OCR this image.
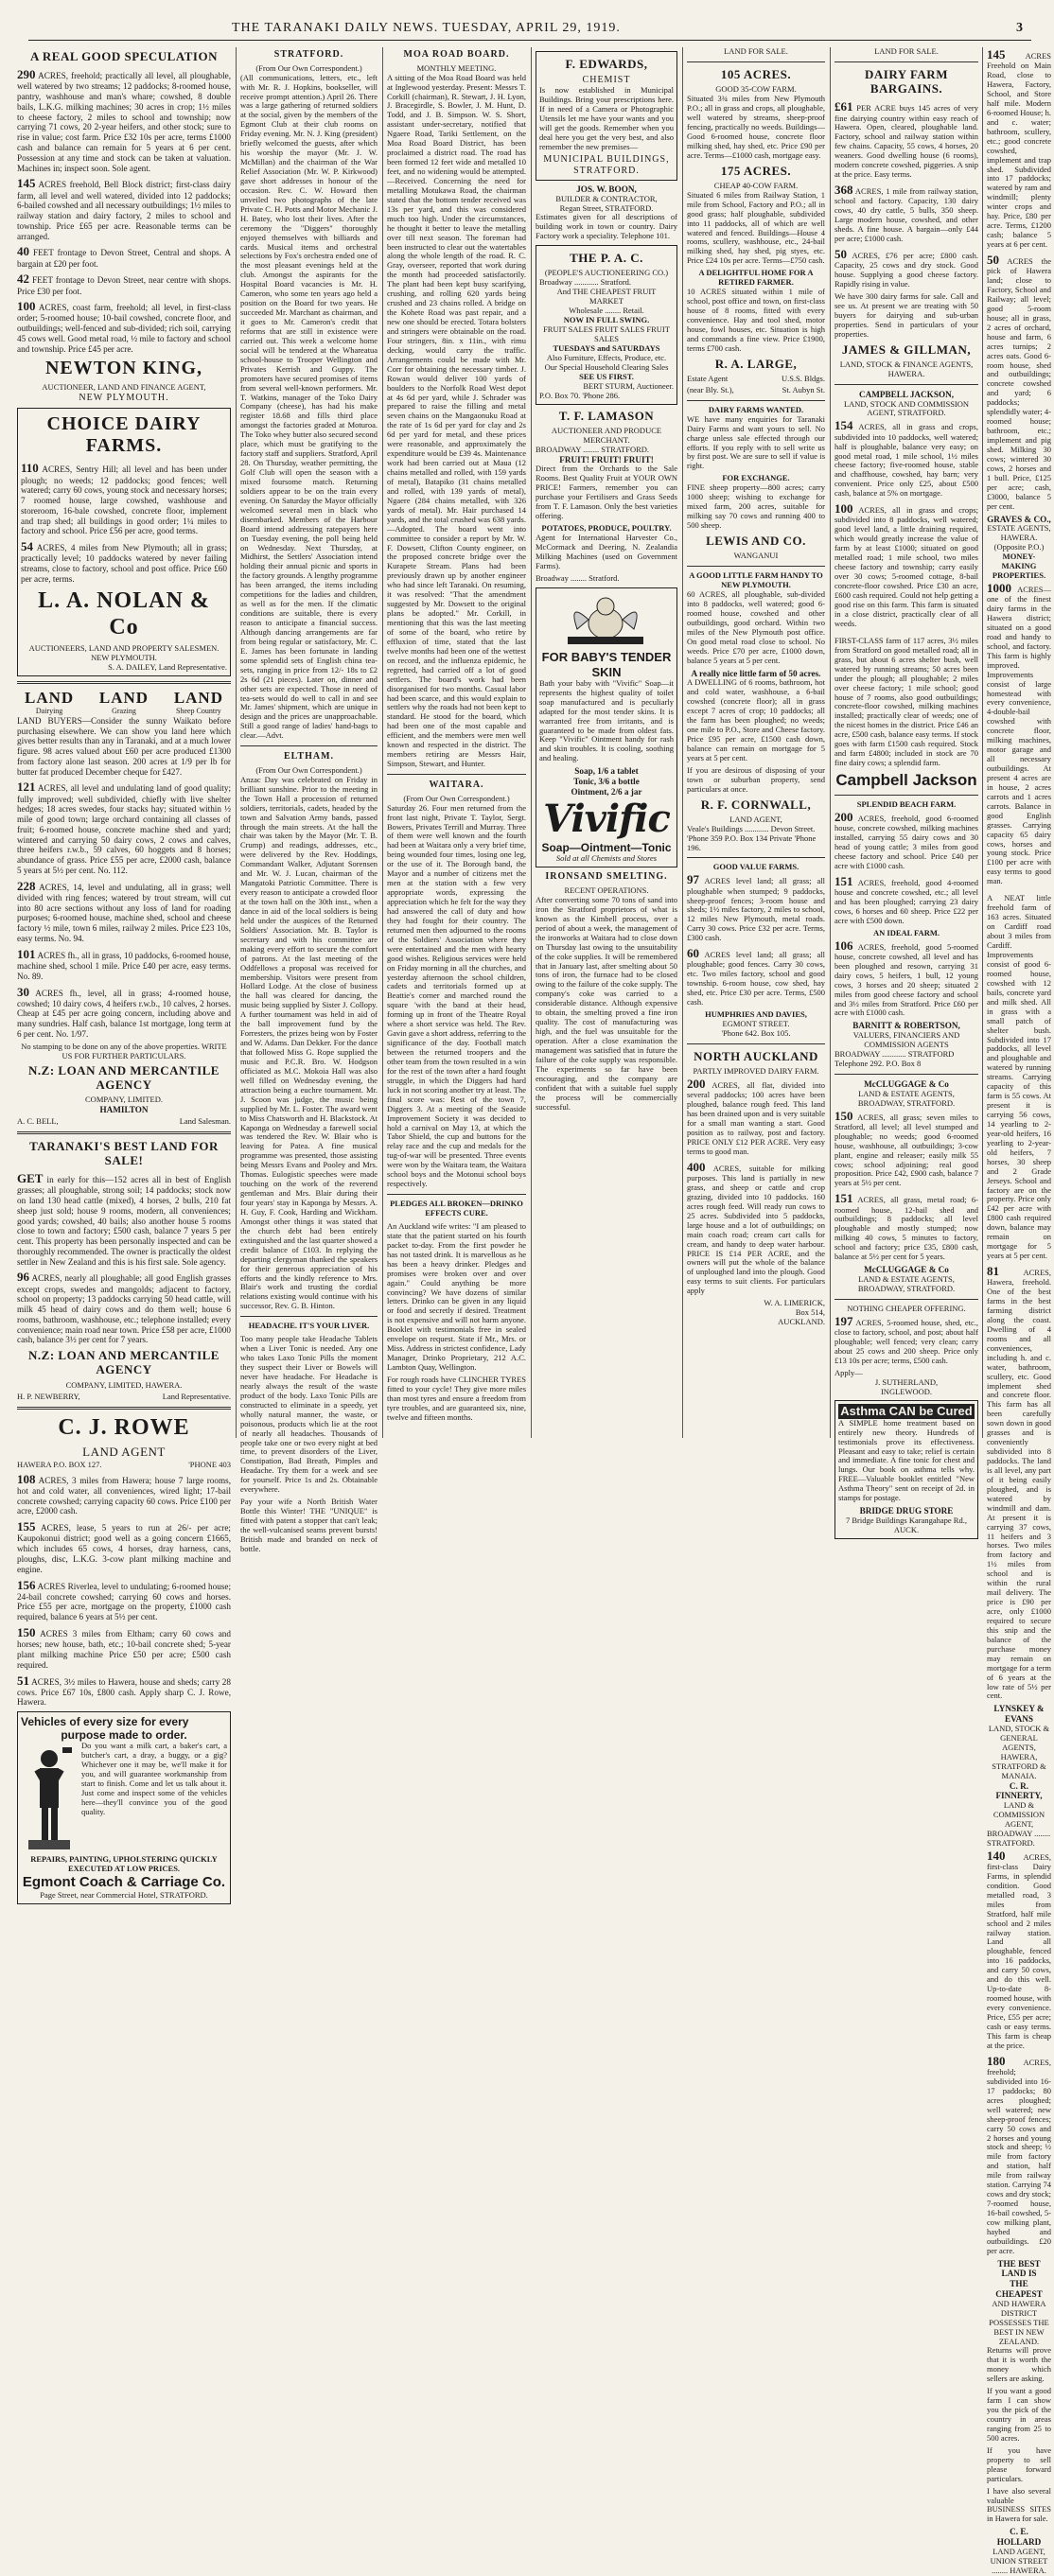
THE TARANAKI DAILY NEWS. TUESDAY, APRIL 29, 1919.	3
A REAL GOOD SPECULATION

290 ACRES, freehold; practically all level, all ploughable, well watered by two streams; 12 paddocks; 8-roomed house, pantry, washhouse and man's whare; cowshed, 8 double bails, L.K.G. milking machines; 30 acres in crop; 1½ miles to cheese factory, 2 miles to school and township; now carrying 71 cows, 20 2-year heifers, and other stock; sure to rise in value; cost farm. Price £32 10s per acre, terms £1000 cash and balance can remain for 5 years at 6 per cent. Possession at any time and stock can be taken at valuation. Machines in; inspect soon. Sole agent.

145 ACRES freehold, Bell Block district; first-class dairy farm, all level and well watered, divided into 12 paddocks; 6-bailed cowshed and all necessary outbuildings; 1½ miles to railway station and dairy factory, 2 miles to school and township. Price £65 per acre. Reasonable terms can be arranged.

40 FEET frontage to Devon Street, Central and shops. A bargain at £20 per foot.

42 FEET frontage to Devon Street, near centre with shops. Price £30 per foot.

100 ACRES, coast farm, freehold; all level, in first-class order; 5-roomed house; 10-bail cowshed, concrete floor, and outbuildings; well-fenced and sub-divided; rich soil, carrying 45 cows well. Good metal road, ½ mile to factory and school and township. Price £45 per acre.

NEWTON KING,
AUCTIONEER, LAND AND FINANCE AGENT,
NEW PLYMOUTH.
CHOICE DAIRY FARMS.

110 ACRES, Sentry Hill; all level and has been under plough; no weeds; 12 paddocks; good fences; well watered; carry 60 cows, young stock and necessary horses; 7 roomed house, large cowshed, washhouse and storeroom, 16-bale cowshed, concrete floor, implement and trap shed; all buildings in good order; 1¼ miles to factory and school. Price £56 per acre, good terms.

54 ACRES, 4 miles from New Plymouth; all in grass; practically level; 10 paddocks watered by never failing streams, close to factory, school and post office. Price £60 per acre, terms.

L. A. NOLAN & Co
AUCTIONEERS, LAND AND PROPERTY SALESMEN.
NEW PLYMOUTH.
S. A. DAILEY, Land Representative.
LAND
Dairying
LAND
Grazing
LAND
Sheep Country

LAND BUYERS—Consider the sunny Waikato before purchasing elsewhere. We can show you land here which gives better results than any in Taranaki, and at a much lower figure. 98 acres valued about £60 per acre produced £1300 from factory alone last season. 200 acres at 1/9 per lb for butter fat produced December cheque for £427.

121 ACRES, all level and undulating land of good quality; fully improved; well subdivided, chiefly with live shelter hedges; 18 acres swedes, four stacks hay; situated within ½ mile of good town; large orchard containing all classes of fruit; 6-roomed house, concrete machine shed and yard; wintered and carrying 50 dairy cows, 2 cows and calves, three heifers r.w.b., 59 calves, 60 hoggets and 8 horses; abundance of grass. Price £55 per acre, £2000 cash, balance 5 years at 5½ per cent. No. 112.

228 ACRES, 14, level and undulating, all in grass; well divided with ring fences; watered by trout stream, will cut into 80 acre sections without any loss of land for roading purposes; 6-roomed house, machine shed, school and cheese factory ½ mile, town 6 miles, railway 2 miles. Price £23 10s, easy terms. No. 94.

101 ACRES fh., all in grass, 10 paddocks, 6-roomed house, machine shed, school 1 mile. Price £40 per acre, easy terms. No. 89.

30 ACRES fh., level, all in grass; 4-roomed house, cowshed; 10 dairy cows, 4 heifers r.w.b., 10 calves, 2 horses. Cheap at £45 per acre going concern, including above and many sundries. Half cash, balance 1st mortgage, long term at 6 per cent. No. 1/97.

No stamping to be done on any of the above properties. WRITE US FOR FURTHER PARTICULARS.
N.Z: LOAN AND MERCANTILE AGENCY
COMPANY, LIMITED.
HAMILTON
A. C. BELL,	Land Salesman.
TARANAKI'S BEST LAND FOR SALE!

GET in early for this—152 acres all in best of English grasses; all ploughable, strong soil; 14 paddocks; stock now on land 130 head cattle (mixed), 4 horses, 2 bulls, 210 fat sheep just sold; house 9 rooms, modern, all conveniences; good yards; cowshed, 40 bails; also another house 5 rooms close to town and factory; £500 cash, balance 7 years 5 per cent. This property has been personally inspected and can be thoroughly recommended. The owner is practically the oldest settler in New Zealand and this is his first sale. Sole agency.

96 ACRES, nearly all ploughable; all good English grasses except crops, swedes and mangolds; adjacent to factory, school on property; 13 paddocks carrying 50 head cattle, will milk 45 head of dairy cows and do them well; house 6 rooms, bathroom, washhouse, etc.; telephone installed; every convenience; main road near town. Price £58 per acre, £1000 cash, balance 3½ per cent for 7 years.

N.Z: LOAN AND MERCANTILE AGENCY
COMPANY, LIMITED, HAWERA.
H. P. NEWBERRY,	Land Representative.
C. J. ROWE
LAND AGENT
HAWERA P.O. BOX 127.	'PHONE 403

108 ACRES, 3 miles from Hawera; house 7 large rooms, hot and cold water, all conveniences, wired light; 17-bail concrete cowshed; carrying capacity 60 cows. Price £100 per acre, £2000 cash.

155 ACRES, lease, 5 years to run at 26/- per acre; Kaupokonui district; good well as a going concern £1665, which includes 65 cows, 4 horses, dray harness, cans, ploughs, disc, L.K.G. 3-cow plant milking machine and engine.

156 ACRES Riverlea, level to undulating; 6-roomed house; 24-bail concrete cowshed; carrying 60 cows and horses. Price £55 per acre, mortgage on the property, £1000 cash required, balance 6 years at 5½ per cent.

150 ACRES 3 miles from Eltham; carry 60 cows and horses; new house, bath, etc.; 10-bail concrete shed; 5-year plant milking machine Price £50 per acre; £500 cash required.

51 ACRES, 3½ miles to Hawera, house and sheds; carry 28 cows. Price £67 10s, £800 cash. Apply sharp C. J. Rowe, Hawera.

Vehicles of every size for every
purpose made to order.
Do you want a milk cart, a baker's cart, a butcher's cart, a dray, a buggy, or a gig? Whichever one it may be, we'll make it for you, and will guarantee workmanship from start to finish. Come and let us talk about it. Just come and inspect some of the vehicles here—they'll convince you of the good quality.
REPAIRS, PAINTING, UPHOLSTERING QUICKLY EXECUTED AT LOW PRICES.
Egmont Coach & Carriage Co.
Page Street, near Commercial Hotel, STRATFORD.
STRATFORD.
(From Our Own Correspondent.)

(All communications, letters, etc., left with Mr. R. J. Hopkins, bookseller, will receive prompt attention.) April 26. There was a large gathering of returned soldiers at the social, given by the members of the Egmont Club at their club rooms on Friday evening. Mr. N. J. King (president) briefly welcomed the guests, after which his worship the mayor (Mr. J. W. McMillan) and the chairman of the War Relief Association (Mr. W. P. Kirkwood) gave short addresses in honour of the occasion. Rev. C. W. Howard then unveiled two photographs of the late Private C. H. Potts and Motor Mechanic J. H. Batey, who lost their lives. After the ceremony the "Diggers" thoroughly enjoyed themselves with billiards and cards. Musical items and orchestral selections by Fox's orchestra ended one of the most pleasant evenings held at the club. Amongst the aspirants for the Hospital Board vacancies is Mr. H. Cameron, who some ten years ago held a position on the Board for two years. He succeeded Mr. Marchant as chairman, and it goes to Mr. Cameron's credit that reforms that are still in existence were carried out. This week a welcome home social will be tendered at the Whareatua school-house to Trooper Wellington and Privates Kerrish and Guppy. The promoters have secured promises of items from several well-known performers. Mr. T. Watkins, manager of the Toko Dairy Company (cheese), has had his make register 18.68 and fills third place amongst the factories graded at Moturoa. The Toko whey butter also secured second place, which must be gratifying to the factory staff and suppliers. Stratford, April 28. On Thursday, weather permitting, the Golf Club will open the season with a mixed foursome match. Returning soldiers appear to be on the train every evening. On Saturday the Mayor officially welcomed several men in black who disembarked. Members of the Harbour Board intend addressing ratepayers here on Tuesday evening, the poll being held on Wednesday. Next Thursday, at Midhirst, the Settlers' Association intend holding their annual picnic and sports in the factory grounds. A lengthy programme has been arranged, the items including competitions for the ladies and children, as well as for the men. If the climatic conditions are suitable, there is every reason to anticipate a financial success. Although dancing arrangements are far from being regular or satisfactory, Mr. C. E. James has been fortunate in landing some splendid sets of English china tea-sets, ranging in price from 12/- 18s to £2 2s 6d (21 pieces). Later on, dinner and other sets are expected. Those in need of tea-sets would do well to call in and see Mr. James' shipment, which are unique in design and the prices are unapproachable. Still a good range of ladies' hand-bags to clear.—Advt.

ELTHAM.
(From Our Own Correspondent.)

Anzac Day was celebrated on Friday in brilliant sunshine. Prior to the meeting in the Town Hall a procession of returned soldiers, territorials, cadets, headed by the town and Salvation Army bands, passed through the main streets. At the hall the chair was taken by the Mayor (Mr. T. B. Crump) and readings, addresses, etc., were delivered by the Rev. Hoddings, Commandant Walker, Adjutant Sorensen and Mr. W. J. Lucan, chairman of the Mangatoki Patriotic Committee. There is every reason to anticipate a crowded floor at the town hall on the 30th inst., when a dance in aid of the local soldiers is being held under the auspices of the Returned Soldiers' Association. Mr. B. Taylor is secretary and with his committee are making every effort to secure the comfort of patrons. At the last meeting of the Oddfellows a proposal was received for membership. Visitors were present from Hollard Lodge. At the close of business the hall was cleared for dancing, the music being supplied by Sister J. Collopy. A further tournament was held in aid of the ball improvement fund by the Forresters, the prizes being won by Foster and W. Adams. Dan Dekker. For the dance that followed Miss G. Rope supplied the music and P.C.R. Bro. W. Hodgson officiated as M.C. Mokoia Hall was also well filled on Wednesday evening, the attraction being a euchre tournament. Mr. J. Scoon was judge, the music being supplied by Mr. L. Foster. The award went to Miss Chatsworth and H. Blackstock. At Kaponga on Wednesday a farewell social was tendered the Rev. W. Blair who is leaving for Patea. A fine musical programme was presented, those assisting being Messrs Evans and Pooley and Mrs. Thomas. Eulogistic speeches were made touching on the work of the reverend gentleman and Mrs. Blair during their four years' stay in Kaponga by Messrs. A. H. Guy, F. Cook, Harding and Wickham. Amongst other things it was stated that the church debt had been entirely extinguished and the last quarter showed a credit balance of £103. In replying the departing clergyman thanked the speakers for their generous appreciation of his efforts and the kindly reference to Mrs. Blair's work and trusting the cordial relations existing would continue with his successor, Rev. G. B. Hinton.

HEADACHE. IT'S YOUR LIVER.

Too many people take Headache Tablets when a Liver Tonic is needed. Any one who takes Laxo Tonic Pills the moment they suspect their Liver or Bowels will never have headache. For Headache is nearly always the result of the waste product of the body. Laxo Tonic Pills are constructed to eliminate in a speedy, yet wholly natural manner, the waste, or poisonous, products which lie at the root of nearly all headaches. Thousands of people take one or two every night at bed time, to prevent disorders of the Liver, Constipation, Bad Breath, Pimples and Headache. Try them for a week and see for yourself. Price 1s and 2s. Obtainable everywhere.

Pay your wife a North British Water Bottle this Winter! THE "UNIQUE" is fitted with patent a stopper that can't leak; the well-vulcanised seams prevent bursts! British made and branded on neck of bottle.

MOA ROAD BOARD.
MONTHLY MEETING.

A sitting of the Moa Road Board was held at Inglewood yesterday. Present: Messrs T. Corkill (chairman), R. Stewart, J. H. Lyon, J. Bracegirdle, S. Bowler, J. M. Hunt, D. Todd, and J. B. Simpson. W. S. Short, assistant under-secretary, notified that Ngaere Road, Tariki Settlement, on the Moa Road Board District, has been proclaimed a district road. The road has been formed 12 feet wide and metalled 10 feet, and no widening would be attempted.—Received. Concerning the need for metalling Motukawa Road, the chairman stated that the bottom tender received was 13s per yard, and this was considered much too high. Under the circumstances, he thought it better to leave the metalling over till next season. The foreman had been instructed to clear out the watertables along the whole length of the road. R. C. Gray, overseer, reported that work during the month had proceeded satisfactorily. The plant had been kept busy scarifying, crushing, and rolling 620 yards being crushed and 23 chains rolled. A bridge on the Kohete Road was past repair, and a new one should be erected. Totara bolsters and stringers were obtainable on the road. Four stringers, 8in. x 11in., with rimu decking, would carry the traffic. Arrangements could be made with Mr. Corr for obtaining the necessary timber. J. Rowan would deliver 100 yards of boulders to the Norfolk Road West depot at 4s 6d per yard, while J. Schrader was prepared to raise the filling and metal seven chains on the Mangaonuku Road at the rate of 1s 6d per yard for clay and 2s 6d per yard for metal, and these prices were reasonable, and approximately the expenditure would be £39 4s. Maintenance work had been carried out at Maua (12 chains metalled and rolled, with 159 yards of metal), Batapiko (31 chains metalled and rolled, with 139 yards of metal), Ngaere (284 chains metalled, with 326 yards of metal). Mr. Hair purchased 14 yards, and the total crushed was 638 yards.—Adopted. The board went into committee to consider a report by Mr. W. F. Dowsett, Clifton County engineer, on the proposed concrete bridge over the Kurapete Stream. Plans had been previously drawn up by another engineer who had since left Taranaki. On resuming, it was resolved: "That the amendment suggested by Mr. Dowsett to the original plans be adopted." Mr. Corkill, in mentioning that this was the last meeting of some of the board, who retire by effluxion of time, stated that the last twelve months had been one of the wettest on record, and the influenza epidemic, he regretted, had carried off a lot of good settlers. The board's work had been disorganised for two months. Casual labor had been scarce, and this would explain to settlers why the roads had not been kept to standard. He stood for the board, which had been one of the most capable and efficient, and the members were men well known and respected in the district. The members retiring are Messrs Hair, Simpson, Stewart, and Hunter.

WAITARA.
(From Our Own Correspondent.)

Saturday 26. Four men returned from the front last night, Private T. Taylor, Sergt. Bowers, Privates Terrill and Murray. Three of them were well known and the fourth had been at Waitara only a very brief time, being wounded four times, losing one leg, or the use of it. The Borough band, the Mayor and a number of citizens met the men at the station with a few very appropriate words, expressing the appreciation which he felt for the way they had answered the call of duty and how they had fought for their country. The returned men then adjourned to the rooms of the Soldiers' Association where they were entertained and the men with hearty good wishes. Religious services were held on Friday morning in all the churches, and yesterday afternoon the school children, cadets and territorials formed up at Beattie's corner and marched round the square 'with the band at their head, forming up in front of the Theatre Royal where a short service was held. The Rev. Gavin gave a short address, referring to the significance of the day. Football match between the returned troopers and the other team from the town resulted in a win for the rest of the town after a hard fought struggle, in which the Diggers had hard luck in not scoring another try at least. The final score was: Rest of the town 7, Diggers 3. At a meeting of the Seaside Improvement Society it was decided to hold a carnival on May 13, at which the Tabor Shield, the cup and buttons for the relay race and the cup and medals for the tug-of-war will be presented. Three events were won by the Waitara team, the Waitara school boys and the Motonui school boys respectively.

PLEDGES ALL BROKEN—DRINKO EFFECTS CURE.

An Auckland wife writes: "I am pleased to state that the patient started on his fourth packet to-day. From the first powder he has not tasted drink. It is marvellous as he has been a heavy drinker. Pledges and promises were broken over and over again." Could anything be more convincing? We have dozens of similar letters. Drinko can be given in any liquid or food and secretly if desired. Treatment is not expensive and will not harm anyone. Booklet with testimonials free in sealed envelope on request. State if Mr., Mrs. or Miss. Address in strictest confidence, Lady Manager, Drinko Proprietary, 212 A.C. Lambton Quay, Wellington.

For rough roads have CLINCHER TYRES fitted to your cycle! They give more miles than most tyres and ensure a freedom from tyre troubles, and are guaranteed six, nine, twelve and fifteen months.

F. EDWARDS,
CHEMIST

Is now established in Municipal Buildings. Bring your prescriptions here. If in need of a Camera or Photographic Utensils let me have your wants and you will get the goods. Remember when you deal here you get the very best, and also remember the new premises—

MUNICIPAL BUILDINGS,
STRATFORD.
JOS. W. BOON,
BUILDER & CONTRACTOR,
Regan Street, STRATFORD.

Estimates given for all descriptions of building work in town or country. Dairy Factory work a speciality. Telephone 101.

THE P. A. C.
(PEOPLE'S AUCTIONEERING CO.)
Broadway ............ Stratford.
And THE CHEAPEST FRUIT MARKET
Wholesale ........ Retail.
NOW IN FULL SWING.
FRUIT SALES FRUIT SALES FRUIT SALES
TUESDAYS and SATURDAYS
Also Furniture, Effects, Produce, etc.
Our Special Household Clearing Sales
SEE US FIRST.
BERT STURM, Auctioneer.
P.O. Box 70. 'Phone 286.
T. F. LAMASON
AUCTIONEER AND PRODUCE MERCHANT.
BROADWAY ........ STRATFORD.
FRUIT! FRUIT! FRUIT!

Direct from the Orchards to the Sale Rooms. Best Quality Fruit at YOUR OWN PRICE! Farmers, remember you can purchase your Fertilisers and Grass Seeds from T. F. Lamason. Only the best varieties offering.

POTATOES, PRODUCE, POULTRY.

Agent for International Harvester Co., McCormack and Deering, N. Zealandia Milking Machines (used on Government Farms).

Broadway ........ Stratford.
FOR BABY'S TENDER SKIN

Bath your baby with "Vivific" Soap—it represents the highest quality of toilet soap manufactured and is peculiarly adapted for the most tender skins. It is warranted free from irritants, and is guaranteed to be made from oldest fats. Keep "Vivific" Ointment handy for rash and skin troubles. It is cooling, soothing and healing.

Soap, 1/6 a tablet
Tonic, 3/6 a bottle
Ointment, 2/6 a jar
Vivific
Soap—Ointment—Tonic
Sold at all Chemists and Stores
IRONSAND SMELTING.
RECENT OPERATIONS.

After converting some 70 tons of sand into iron the Stratford proprietors of what is known as the Kimbell process, over a period of about a week, the management of the ironworks at Waitara had to close down on Thursday last owing to the unsuitability of the coke supplies. It will be remembered that in January last, after smelting about 50 tons of iron, the furnace had to be closed owing to the failure of the coke supply. The company's coke was carried to a considerable distance. Although expensive to obtain, the smelting proved a fine iron quality. The cost of manufacturing was high, and the fuel was unsuitable for the operation. After a close examination the management was satisfied that in future the failure of the coke supply was responsible. The experiments so far have been encouraging, and the company are confident that with a suitable fuel supply the process will be commercially successful.

LAND FOR SALE.
105 ACRES.
GOOD 35-COW FARM.

Situated 3¾ miles from New Plymouth P.O.; all in grass and crops, all ploughable, well watered by streams, sheep-proof fencing, practically no weeds. Buildings—Good 6-roomed house, concrete floor milking shed, hay shed, etc. Price £90 per acre. Terms—£1000 cash, mortgage easy.

175 ACRES.
CHEAP 40-COW FARM.

Situated 6 miles from Railway Station, 1 mile from School, Factory and P.O.; all in good grass; half ploughable, subdivided into 11 paddocks, all of which are well watered and fenced. Buildings—House 4 rooms, scullery, washhouse, etc., 24-bail milking shed, hay shed, pig styes, etc. Price £24 10s per acre. Terms—£750 cash.

A DELIGHTFUL HOME FOR A RETIRED FARMER.

10 ACRES situated within 1 mile of school, post office and town, on first-class house of 8 rooms, fitted with every convenience. Hay and tool shed, motor house, fowl houses, etc. Situation is high and commands a fine view. Price £1900, terms £700 cash.

R. A. LARGE,
Estate Agent	U.S.S. Bldgs.
(near Bly. St.),	St. Aubyn St.
DAIRY FARMS WANTED.

WE have many enquiries for Taranaki Dairy Farms and want yours to sell. No charge unless sale effected through our efforts. If you reply with to sell write us by first post. We are sure to sell if value is right.

FOR EXCHANGE.

FINE sheep property—800 acres; carry 1000 sheep; wishing to exchange for mixed farm, 200 acres, suitable for milking say 70 cows and running 400 to 500 sheep.

LEWIS AND CO.
WANGANUI
A GOOD LITTLE FARM HANDY TO NEW PLYMOUTH.

60 ACRES, all ploughable, sub-divided into 8 paddocks, well watered; good 6-roomed house, cowshed and other outbuildings, good orchard. Within two miles of the New Plymouth post office. On good metal road close to school. No weeds. Price £70 per acre, £1000 down, balance 5 years at 5 per cent.

A really nice little farm of 50 acres.

A DWELLING of 6 rooms, bathroom, hot and cold water, washhouse, a 6-bail cowshed (concrete floor); all in grass except 7 acres of crop; 10 paddocks; all the farm has been ploughed; no weeds; one mile to P.O., Store and Cheese factory. Price £95 per acre, £1500 cash down, balance can remain on mortgage for 5 years at 5 per cent.

If you are desirous of disposing of your town or suburban property, send particulars at once.

R. F. CORNWALL,
LAND AGENT,
Veale's Buildings ............ Devon Street.
'Phone 359 P.O. Box 134 Private 'Phone 196.
GOOD VALUE FARMS.

97 ACRES level land; all grass; all ploughable when stumped; 9 paddocks, sheep-proof fences; 3-room house and sheds; 1½ miles factory, 2 miles to school, 12 miles New Plymouth, metal roads. Carry 30 cows. Price £32 per acre. Terms, £300 cash.

60 ACRES level land; all grass; all ploughable; good fences. Carry 30 cows, etc. Two miles factory, school and good township. 6-room house, cow shed, hay shed, etc. Price £30 per acre. Terms, £500 cash.

HUMPHRIES AND DAVIES,
EGMONT STREET.
'Phone 642. Box 105.
NORTH AUCKLAND
PARTLY IMPROVED DAIRY FARM.

200 ACRES, all flat, divided into several paddocks; 100 acres have been ploughed, balance rough feed. This land has been drained upon and is very suitable for a small man wanting a start. Good position as to railway, post and factory. PRICE ONLY £12 PER ACRE. Very easy terms to good man.

400 ACRES, suitable for milking purposes. This land is partially in new grass, and sheep or cattle and crop grazing, divided into 10 paddocks. 160 acres rough feed. Will ready run cows to 25 acres. Subdivided into 5 paddocks, large house and a lot of outbuildings; on main coach road; cream cart calls for cream, and handy to deep water harbour. PRICE IS £14 PER ACRE, and the owners will put the whole of the balance of unploughed land into the plough. Good easy terms to suit clients. For particulars apply

W. A. LIMERICK,
Box 514,
AUCKLAND.
LAND FOR SALE.
DAIRY FARM BARGAINS.

£61 PER ACRE buys 145 acres of very fine dairying country within easy reach of Hawera. Open, cleared, ploughable land. Factory, school and railway station within few chains. Capacity, 55 cows, 4 horses, 20 weaners. Good dwelling house (6 rooms), modern concrete cowshed, piggeries. A snip at the price. Easy terms.

368 ACRES, 1 mile from railway station, school and factory. Capacity, 130 dairy cows, 40 dry cattle, 5 bulls, 350 sheep. Large modern house, cowshed, and other sheds. A fine house. A bargain—only £44 per acre; £1000 cash.

50 ACRES, £76 per acre; £800 cash. Capacity, 25 cows and dry stock. Good house. Supplying a good cheese factory. Rapidly rising in value.

We have 300 dairy farms for sale. Call and see us. At present we are treating with 50 buyers for dairying and sub-urban properties. Send in particulars of your properties.

JAMES & GILLMAN,
LAND, STOCK & FINANCE AGENTS, HAWERA.
CAMPBELL JACKSON,
LAND, STOCK AND COMMISSION AGENT, STRATFORD.

154 ACRES, all in grass and crops, subdivided into 10 paddocks, well watered; half is ploughable, balance very easy; on good metal road, 1 mile school, 1½ miles cheese factory; five-roomed house, stable and chaffhouse, cowshed, hay barn; very convenient. Price only £25, about £500 cash, balance at 5% on mortgage.

100 ACRES, all in grass and crops; subdivided into 8 paddocks, well watered; good level land, a little draining required, which would greatly increase the value of farm by at least £1000; situated on good metalled road; 1 mile school, two miles cheese factory and township; carry easily over 30 cows; 5-roomed cottage, 8-bail concrete-floor cowshed. Price £30 an acre, £600 cash required. Could not help getting a good rise on this farm. This farm is situated in a close district, practically clear of all weeds.

FIRST-CLASS farm of 117 acres, 3½ miles from Stratford on good metalled road; all in grass, but about 6 acres shelter bush, well watered by running streams; 50 acres been under the plough; all ploughable; 2 miles over cheese factory; 1 mile school; good house of 7 rooms, also good outbuildings; concrete-floor cowshed, milking machines installed; practically clear of weeds; one of the nicest homes in the district. Price £46 an acre, £500 cash, balance easy terms. If stock goes with farm £1500 cash required. Stock and farm £4800; included in stock are 70 fine dairy cows; a splendid farm.

Campbell Jackson
SPLENDID BEACH FARM.

200 ACRES, freehold, good 6-roomed house, concrete cowshed, milking machines installed, carrying 55 dairy cows and 30 head of young cattle; 3 miles from good cheese factory and school. Price £40 per acre with £1000 cash.

151 ACRES, freehold, good 4-roomed house and concrete cowshed, etc.; all level and has been ploughed; carrying 23 dairy cows, 6 horses and 60 sheep. Price £22 per acre with £500 down.

AN IDEAL FARM.

106 ACRES, freehold, good 5-roomed house, concrete cowshed, all level and has been ploughed and resown, carrying 31 dairy cows, 5 heifers, 1 bull, 12 young cows, 3 horses and 20 sheep; situated 2 miles from good cheese factory and school and 3½ miles from Stratford. Price £60 per acre with £1000 cash.

BARNITT & ROBERTSON,
VALUERS, FINANCIERS AND COMMISSION AGENTS
BROADWAY ............ STRATFORD
Telephone 292. P.O. Box 8
McCLUGGAGE & Co
LAND & ESTATE AGENTS,
BROADWAY, STRATFORD.

150 ACRES, all grass; seven miles to Stratford, all level; all level stumped and ploughable; no weeds; good 6-roomed house, washhouse, all outbuildings; 3-cow plant, engine and releaser; easily milk 55 cows; school adjoining; real good proposition. Price £42, £900 cash, balance 7 years at 5½ per cent.

151 ACRES, all grass, metal road; 6-roomed house, 12-bail shed and outbuildings; 8 paddocks; all level ploughable and mostly stumped; now milking 40 cows, 5 minutes to factory, school and factory; price £35, £800 cash, balance at 5½ per cent for 5 years.

McCLUGGAGE & Co
LAND & ESTATE AGENTS,
BROADWAY, STRATFORD.
NOTHING CHEAPER OFFERING.

197 ACRES, 5-roomed house, shed, etc., close to factory, school, and post; about half ploughable; well fenced; very clean; carry about 25 cows and 200 sheep. Price only £13 10s per acre; terms, £500 cash.

Apply—
J. SUTHERLAND,
INGLEWOOD.
Asthma CAN be Cured

A SIMPLE home treatment based on entirely new theory. Hundreds of testimonials prove its effectiveness. Pleasant and easy to take; relief is certain and immediate. A fine tonic for chest and lungs. Our book on asthma tells why. FREE—Valuable booklet entitled "New Asthma Theory" sent on receipt of 2d. in stamps for postage.

BRIDGE DRUG STORE
7 Bridge Buildings Karangahape Rd., AUCK.

145 ACRES Freehold on Main Road, close to Hawera, Factory, School, and Store half mile. Modern 6-roomed House; h. and c. water; bathroom, scullery, etc.; good concrete cowshed, implement and trap shed. Subdivided into 17 paddocks; watered by ram and windmill; plenty winter crops and hay. Price, £80 per acre. Terms, £1200 cash; balance 5 years at 6 per cent.

50 ACRES the pick of Hawera land; close to Factory, School and Railway; all level; good 5-room house; all in grass, 2 acres of orchard, house and farm, 6 acres turnips; 2 acres oats. Good 6-room house, shed and outbuildings; concrete cowshed and yard; 6 paddocks; splendidly water; 4-roomed house; bathroom, etc.; implement and pig shed. Milking 30 cows; wintered 30 cows, 2 horses and 1 bull. Price, £125 per acre; cash, £3000, balance 5 per cent.

GRAVES & CO.,
ESTATE AGENTS, HAWERA.
(Opposite P.O.)
MONEY-MAKING PROPERTIES.

1000 ACRES—one of the finest dairy farms in the Hawera district; situated on a good road and handy to school, and factory. This farm is highly improved. Improvements consist of large homestead with every convenience, 4-double-bail cowshed with concrete floor, milking machines, motor garage and all necessary outbuildings. At present 4 acres are in house, 2 acres carrots and 1 acres carrots. Balance in good English grasses. Carrying capacity 65 dairy cows, horses and young stock. Price £100 per acre with easy terms to good man.

A NEAT little freehold farm of 163 acres. Situated on Cardiff road about 3 miles from Cardiff. Improvements consist of good 6-roomed house, cowshed with 12 bails, concrete yard and milk shed. All in grass with a small patch of shelter bush. Subdivided into 17 paddocks, all level and ploughable and watered by running streams. Carrying capacity of this farm is 55 cows. At present it is carrying 56 cows, 14 yearling to 2-year-old heifers, 16 yearling to 2-year-old heifers, 7 horses, 30 sheep and 2 Grade Jerseys. School and factory are on the property. Price only £42 per acre with £800 cash required down, balance may remain on mortgage for 5 years at 5 per cent.

81	ACRES, Hawera, freehold. One of the best farms in the best farming district along the coast. Dwelling of 4 rooms and all conveniences, including h. and c. water, bathroom, scullery, etc. Good implement shed and concrete floor. This farm has all been carefully sown down in good grasses and is conveniently subdivided into 8 paddocks. The land is all level, any part of it being easily ploughed, and is watered by windmill and dam. At present it is carrying 37 cows, 11 heifers and 3 horses. Two miles from factory and 1½ miles from school and is within the rural mail delivery. The price is £90 per acre, only £1000 required to secure this snip and the balance of the purchase money may remain on mortgage for a term of 6 years at the low rate of 5½ per cent.

LYNSKEY & EVANS
LAND, STOCK & GENERAL AGENTS,
HAWERA, STRATFORD & MANAIA.
C. R. FINNERTY,
LAND & COMMISSION AGENT,
BROADWAY ........ STRATFORD.

140 ACRES, first-class Dairy Farms, in splendid condition. Good metalled road, 3 miles from Stratford, half mile school and 2 miles railway station. Land all ploughable, fenced into 16 paddocks, and carry 50 cows, and do this well. Up-to-date 8-roomed house, with every convenience. Price, £55 per acre; cash or easy terms. This farm is cheap at the price.

180 ACRES, freehold; subdivided into 16-17 paddocks; 80 acres ploughed; well watered; new sheep-proof fences; carry 50 cows and 2 horses and young stock and sheep; ½ mile from factory and station, half mile from railway station. Carrying 74 cows and dry stock; 7-roomed house, 16-bail cowshed, 5-cow milking plant, haybed and outbuildings. £20 per acre.

THE BEST LAND IS
THE CHEAPEST
AND HAWERA DISTRICT POSSESSES THE BEST IN NEW ZEALAND.

Returns will prove that it is worth the money which sellers are asking.

If you want a good farm I can show you the pick of the country in areas ranging from 25 to 500 acres.

If you have property to sell please forward particulars.

I have also several valuable BUSINESS SITES in Hawera for sale.

C. E. HOLLARD
LAND AGENT,
UNION STREET ........ HAWERA.
